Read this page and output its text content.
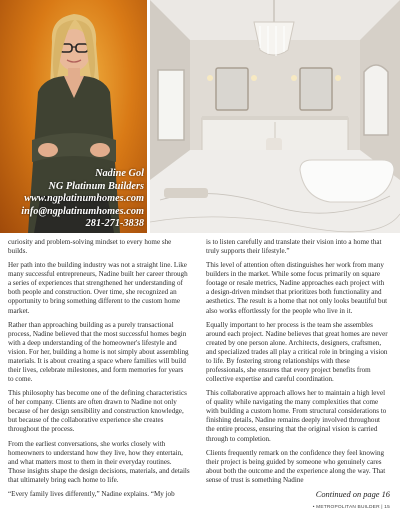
Nadine Gol
NG Platinum Builders
www.ngplatinumhomes.com
info@ngplatinumhomes.com
281-271-3838

curiosity and problem-solving mindset to every home she builds.

Her path into the building industry was not a straight line. Like many successful entrepreneurs, Nadine built her career through a series of experiences that strengthened her understanding of both people and construction. Over time, she recognized an opportunity to bring something different to the custom home market.

Rather than approaching building as a purely transactional process, Nadine believed that the most successful homes begin with a deep understanding of the homeowner's lifestyle and vision. For her, building a home is not simply about assembling materials. It is about creating a space where families will build their lives, celebrate milestones, and form memories for years to come.

This philosophy has become one of the defining characteristics of her company. Clients are often drawn to Nadine not only because of her design sensibility and construction knowledge, but because of the collaborative experience she creates throughout the process.

From the earliest conversations, she works closely with homeowners to understand how they live, how they entertain, and what matters most to them in their everyday routines. Those insights shape the design decisions, materials, and details that ultimately bring each home to life.

“Every family lives differently,” Nadine explains. “My job

is to listen carefully and translate their vision into a home that truly supports their lifestyle.”

This level of attention often distinguishes her work from many builders in the market. While some focus primarily on square footage or resale metrics, Nadine approaches each project with a design-driven mindset that prioritizes both functionality and aesthetics. The result is a home that not only looks beautiful but also works effortlessly for the people who live in it.

Equally important to her process is the team she assembles around each project. Nadine believes that great homes are never created by one person alone. Architects, designers, craftsmen, and specialized trades all play a critical role in bringing a vision to life. By fostering strong relationships with these professionals, she ensures that every project benefits from collective expertise and careful coordination.

This collaborative approach allows her to maintain a high level of quality while navigating the many complexities that come with building a custom home. From structural considerations to finishing details, Nadine remains deeply involved throughout the entire process, ensuring that the original vision is carried through to completion.

Clients frequently remark on the confidence they feel knowing their project is being guided by someone who genuinely cares about both the outcome and the experience along the way. That sense of trust is something Nadine

Continued on page 16
• METROPOLITAN BUILDER | 15
